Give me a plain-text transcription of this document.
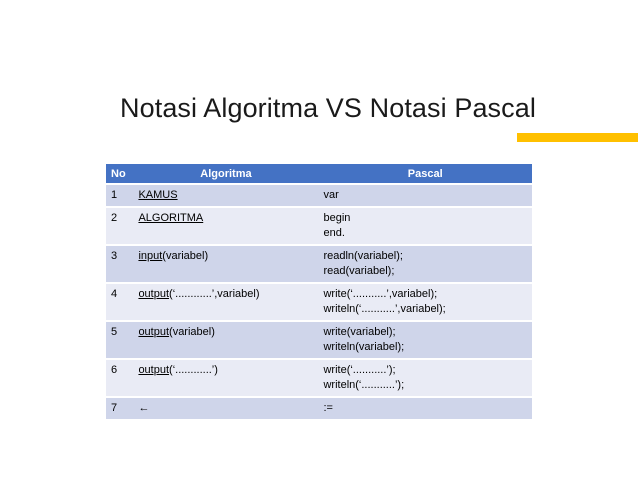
Notasi Algoritma VS Notasi Pascal
No	Algoritma	Pascal
1	KAMUS	var

2	ALGORITMA	begin
end.

3	input(variabel)	readln(variabel);
read(variabel);

4	output(‘............’,variabel)	write(‘...........’,variabel);
writeln(‘...........’,variabel);

5	output(variabel)	write(variabel);
writeln(variabel);

6	output(‘............’)	write(‘...........’);
writeln(‘...........’);

7	←	:=
